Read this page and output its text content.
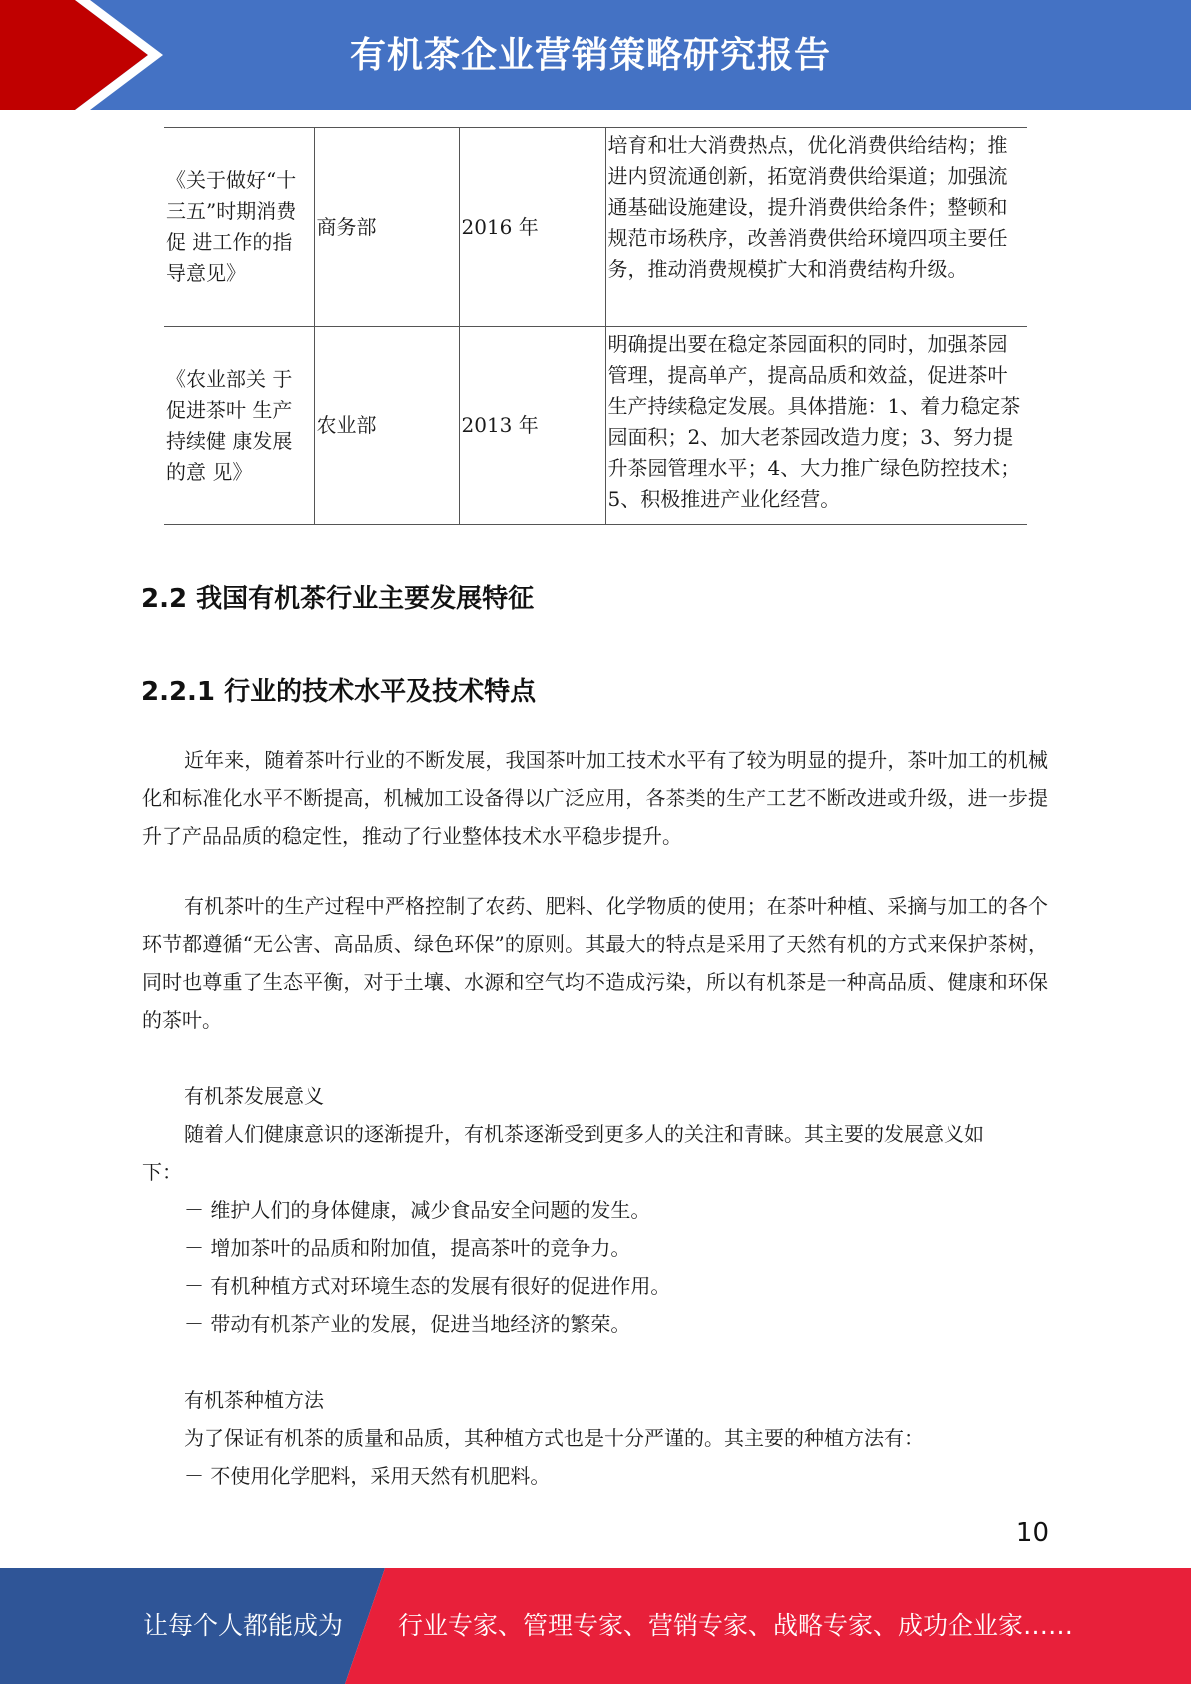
有机茶企业营销策略研究报告
《关于做好“十三五”时期消费促 进工作的指 导意见》	商务部	2016 年	培育和壮大消费热点，优化消费供给结构；推进内贸流通创新，拓宽消费供给渠道；加强流通基础设施建设，提升消费供给条件；整顿和规范市场秩序，改善消费供给环境四项主要任务，推动消费规模扩大和消费结构升级。
《农业部关 于促进茶叶 生产持续健 康发展的意 见》	农业部	2013 年	明确提出要在稳定茶园面积的同时，加强茶园管理，提高单产，提高品质和效益，促进茶叶生产持续稳定发展。具体措施：1、着力稳定茶园面积；2、加大老茶园改造力度；3、努力提升茶园管理水平；4、大力推广绿色防控技术；5、积极推进产业化经营。
2.2 我国有机茶行业主要发展特征
2.2.1 行业的技术水平及技术特点

近年来，随着茶叶行业的不断发展，我国茶叶加工技术水平有了较为明显的提升，茶叶加工的机械化和标准化水平不断提高，机械加工设备得以广泛应用，各茶类的生产工艺不断改进或升级，进一步提升了产品品质的稳定性，推动了行业整体技术水平稳步提升。

有机茶叶的生产过程中严格控制了农药、肥料、化学物质的使用；在茶叶种植、采摘与加工的各个环节都遵循“无公害、高品质、绿色环保”的原则。其最大的特点是采用了天然有机的方式来保护茶树，同时也尊重了生态平衡，对于土壤、水源和空气均不造成污染，所以有机茶是一种高品质、健康和环保的茶叶。

有机茶发展意义
随着人们健康意识的逐渐提升，有机茶逐渐受到更多人的关注和青睐。其主要的发展意义如
下：
－ 维护人们的身体健康，减少食品安全问题的发生。
－ 增加茶叶的品质和附加值，提高茶叶的竞争力。
－ 有机种植方式对环境生态的发展有很好的促进作用。
－ 带动有机茶产业的发展，促进当地经济的繁荣。
有机茶种植方法
为了保证有机茶的质量和品质，其种植方式也是十分严谨的。其主要的种植方法有：
－ 不使用化学肥料，采用天然有机肥料。
10
让每个人都能成为 行业专家、管理专家、营销专家、战略专家、成功企业家……
